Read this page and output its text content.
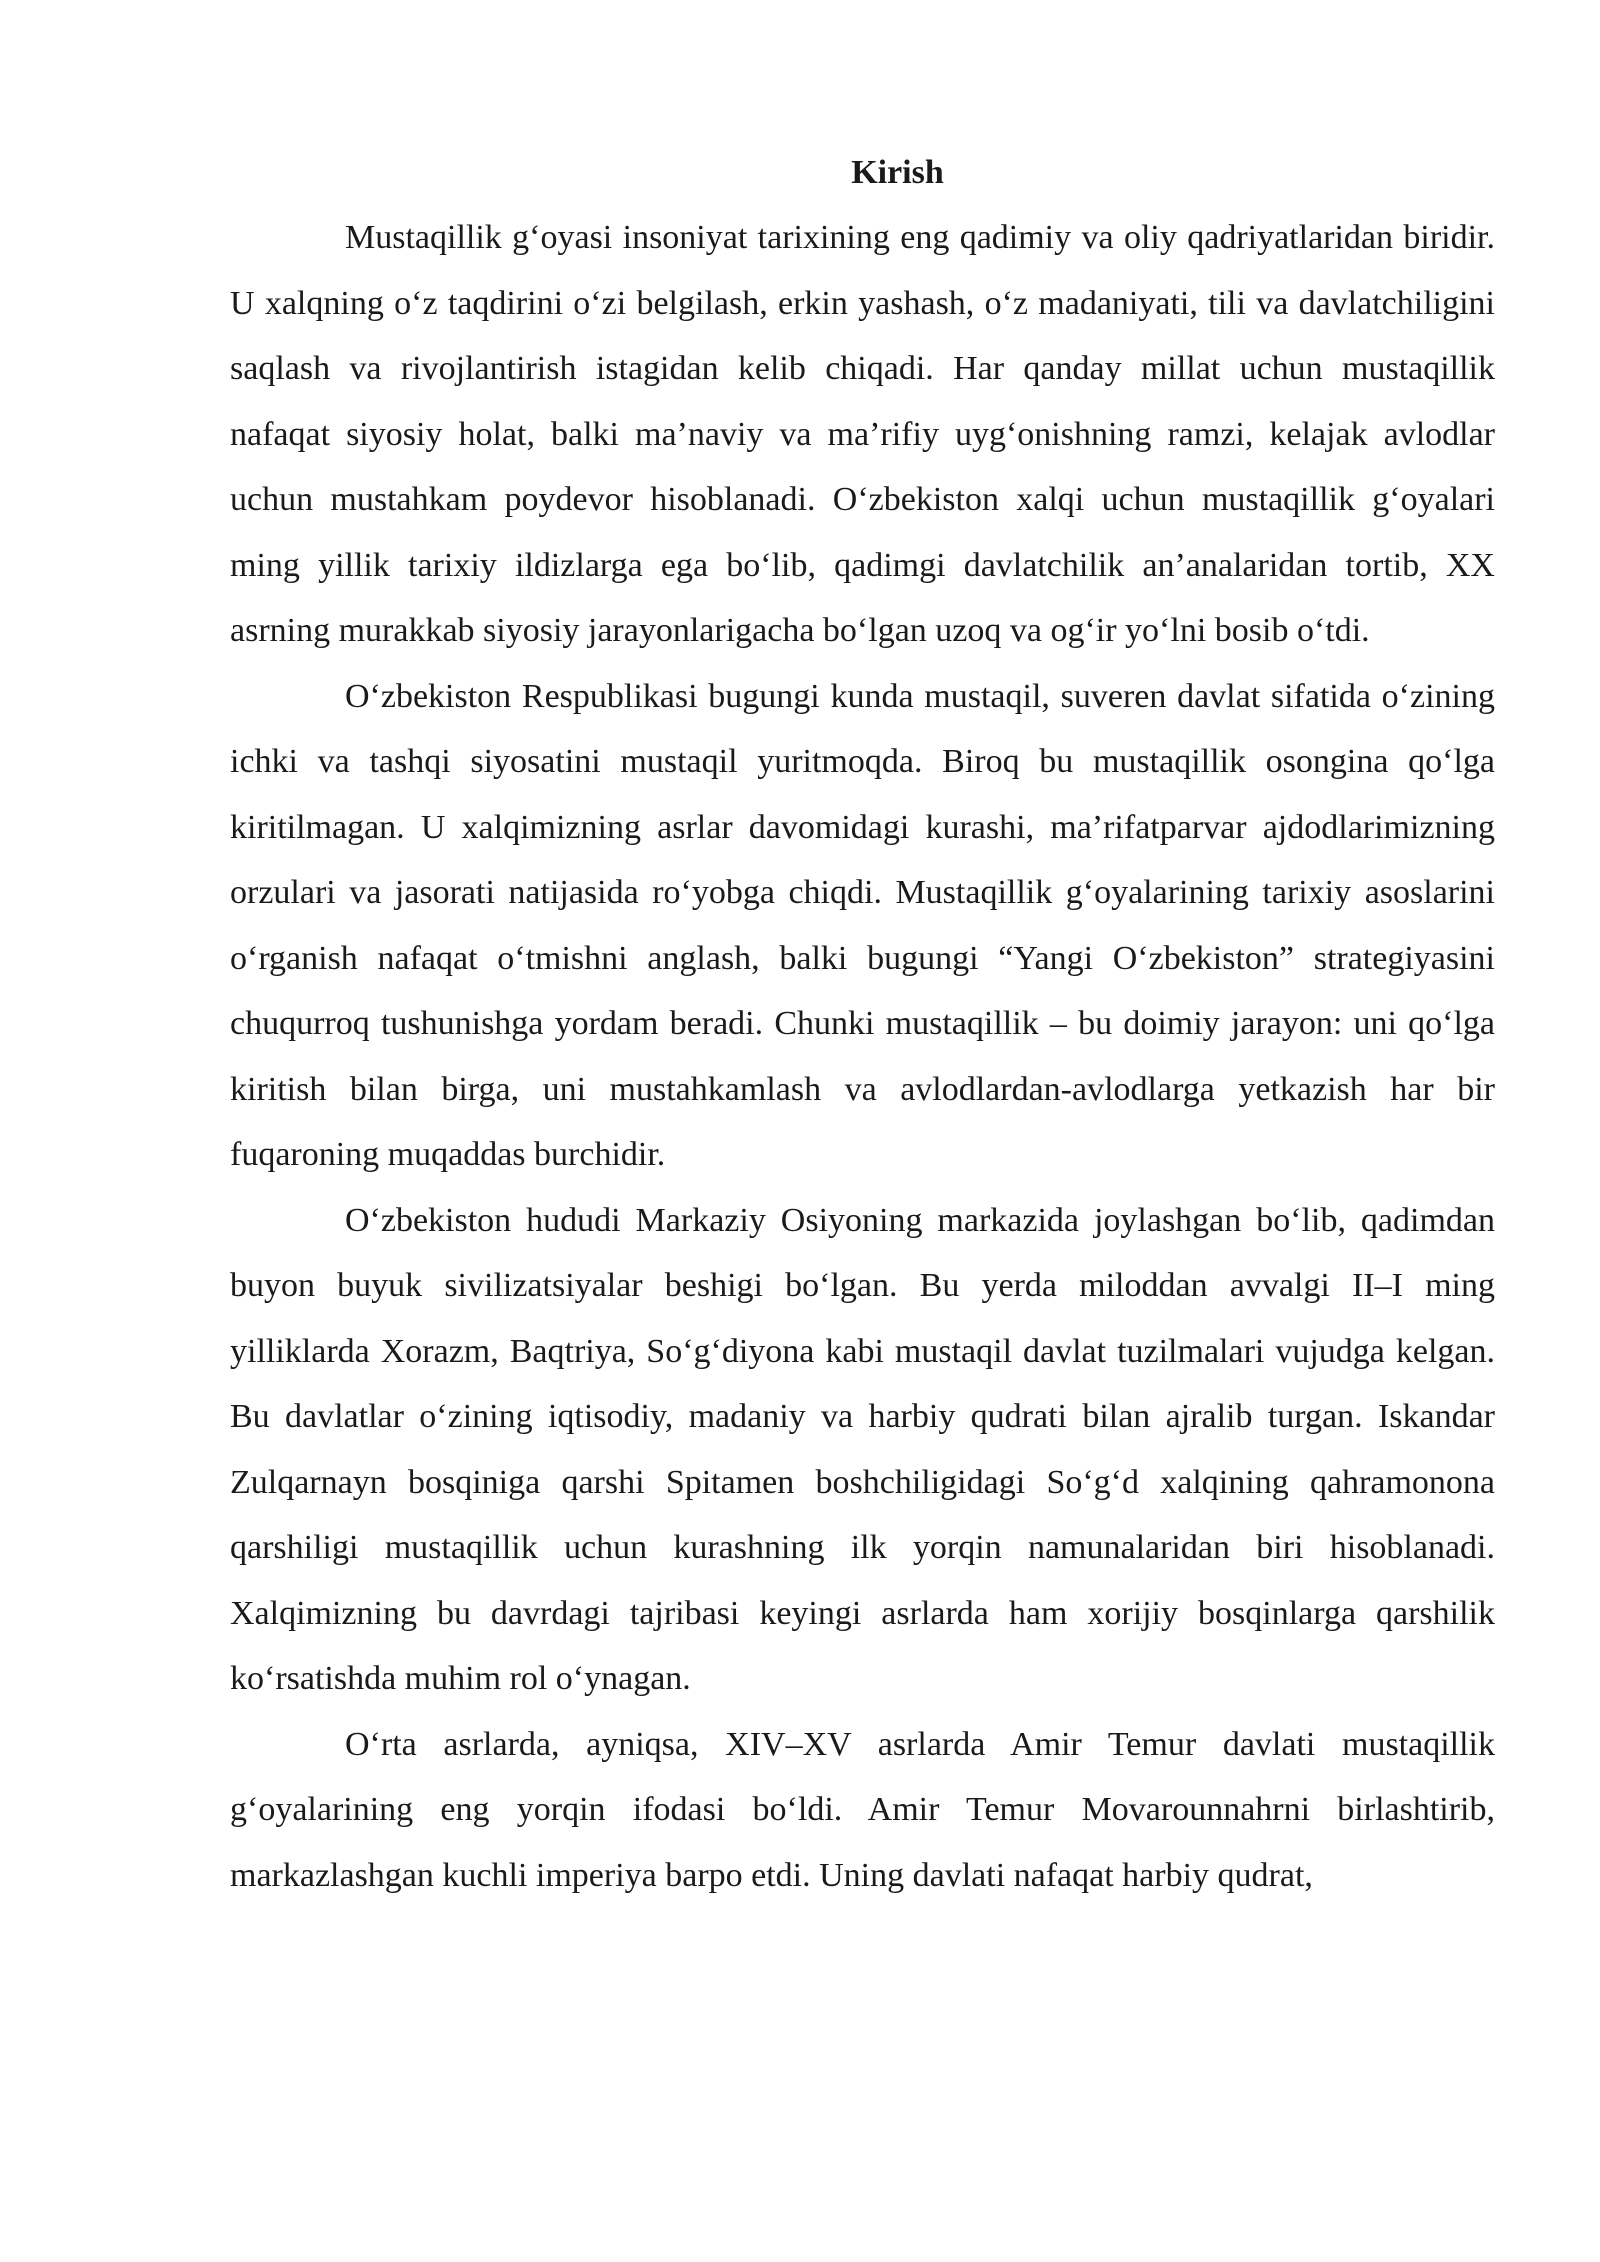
Kirish

Mustaqillik g‘oyasi insoniyat tarixining eng qadimiy va oliy qadriyatlaridan biridir. U xalqning o‘z taqdirini o‘zi belgilash, erkin yashash, o‘z madaniyati, tili va davlatchiligini saqlash va rivojlantirish istagidan kelib chiqadi. Har qanday millat uchun mustaqillik nafaqat siyosiy holat, balki ma’naviy va ma’rifiy uyg‘onishning ramzi, kelajak avlodlar uchun mustahkam poydevor hisoblanadi. O‘zbekiston xalqi uchun mustaqillik g‘oyalari ming yillik tarixiy ildizlarga ega bo‘lib, qadimgi davlatchilik an’analaridan tortib, XX asrning murakkab siyosiy jarayonlarigacha bo‘lgan uzoq va og‘ir yo‘lni bosib o‘tdi.

O‘zbekiston Respublikasi bugungi kunda mustaqil, suveren davlat sifatida o‘zining ichki va tashqi siyosatini mustaqil yuritmoqda. Biroq bu mustaqillik osongina qo‘lga kiritilmagan. U xalqimizning asrlar davomidagi kurashi, ma’rifatparvar ajdodlarimizning orzulari va jasorati natijasida ro‘yobga chiqdi. Mustaqillik g‘oyalarining tarixiy asoslarini o‘rganish nafaqat o‘tmishni anglash, balki bugungi “Yangi O‘zbekiston” strategiyasini chuqurroq tushunishga yordam beradi. Chunki mustaqillik – bu doimiy jarayon: uni qo‘lga kiritish bilan birga, uni mustahkamlash va avlodlardan-avlodlarga yetkazish har bir fuqaroning muqaddas burchidir.

O‘zbekiston hududi Markaziy Osiyoning markazida joylashgan bo‘lib, qadimdan buyon buyuk sivilizatsiyalar beshigi bo‘lgan. Bu yerda miloddan avvalgi II–I ming yilliklarda Xorazm, Baqtriya, So‘g‘diyona kabi mustaqil davlat tuzilmalari vujudga kelgan. Bu davlatlar o‘zining iqtisodiy, madaniy va harbiy qudrati bilan ajralib turgan. Iskandar Zulqarnayn bosqiniga qarshi Spitamen boshchiligidagi So‘g‘d xalqining qahramonona qarshiligi mustaqillik uchun kurashning ilk yorqin namunalaridan biri hisoblanadi. Xalqimizning bu davrdagi tajribasi keyingi asrlarda ham xorijiy bosqinlarga qarshilik ko‘rsatishda muhim rol o‘ynagan.

O‘rta asrlarda, ayniqsa, XIV–XV asrlarda Amir Temur davlati mustaqillik g‘oyalarining eng yorqin ifodasi bo‘ldi. Amir Temur Movarounnahrni birlashtirib, markazlashgan kuchli imperiya barpo etdi. Uning davlati nafaqat harbiy qudrat,
